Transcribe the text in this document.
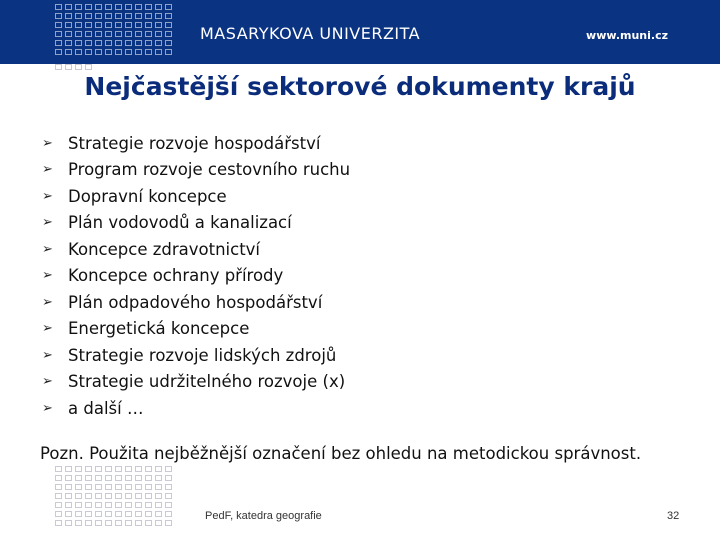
MASARYKOVA UNIVERZITA	www.muni.cz
Nejčastější sektorové dokumenty krajů
➢ Strategie rozvoje hospodářství
➢ Program rozvoje cestovního ruchu
➢ Dopravní koncepce
➢ Plán vodovodů a kanalizací
➢ Koncepce zdravotnictví
➢ Koncepce ochrany přírody
➢ Plán odpadového hospodářství
➢ Energetická koncepce
➢ Strategie rozvoje lidských zdrojů
➢ Strategie udržitelného rozvoje (x)
➢ a další …
Pozn. Použita nejběžnější označení bez ohledu na metodickou správnost.
PedF, katedra geografie	32
